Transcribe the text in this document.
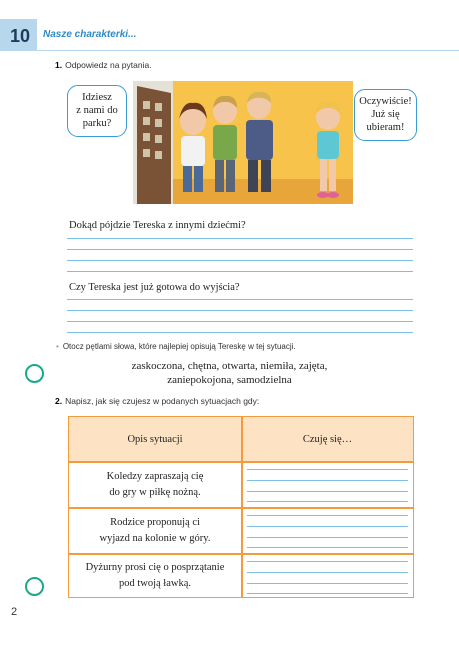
10 Nasze charakterki...
1. Odpowiedz na pytania.
Idziesz
z nami do
parku?
Oczywiście!
Już się
ubieram!
Dokąd pójdzie Tereska z innymi dziećmi?
Czy Tereska jest już gotowa do wyjścia?
• Otocz pętlami słowa, które najlepiej opisują Tereskę w tej sytuacji.
zaskoczona, chętna, otwarta, niemiła, zajęta,
zaniepokojona, samodzielna
2. Napisz, jak się czujesz w podanych sytuacjach gdy:
Opis sytuacji	Czuję się…
Koledzy zapraszają cię
do gry w piłkę nożną.
Rodzice proponują ci
wyjazd na kolonie w góry.
Dyżurny prosi cię o posprzątanie
pod twoją ławką.
2
